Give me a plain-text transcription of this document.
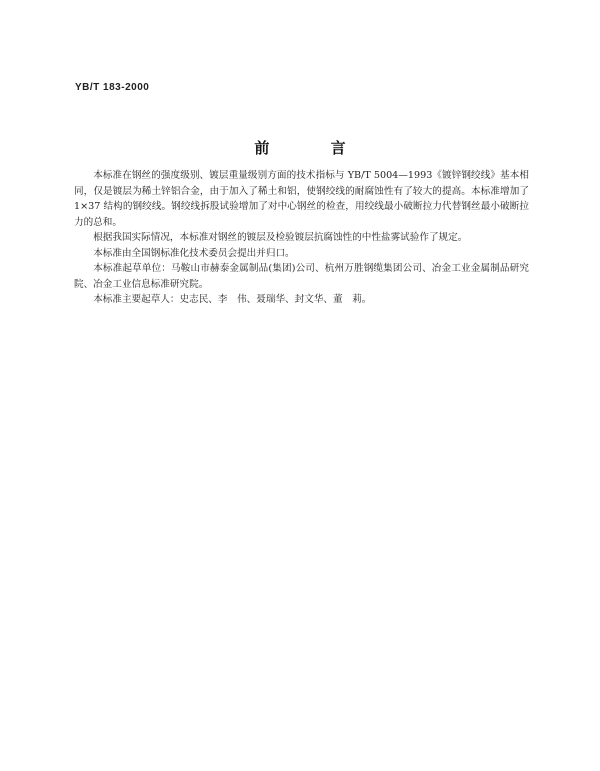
YB/T 183-2000
前 言

本标准在钢丝的强度级别、镀层重量级别方面的技术指标与 YB/T 5004—1993《镀锌钢绞线》基本相同，仅是镀层为稀土锌铝合金，由于加入了稀土和铝，使钢绞线的耐腐蚀性有了较大的提高。本标准增加了 1×37 结构的钢绞线。钢绞线拆股试验增加了对中心钢丝的检查，用绞线最小破断拉力代替钢丝最小破断拉力的总和。

根据我国实际情况，本标准对钢丝的镀层及检验镀层抗腐蚀性的中性盐雾试验作了规定。

本标准由全国钢标准化技术委员会提出并归口。

本标准起草单位：马鞍山市赫泰金属制品(集团)公司、杭州万胜钢缆集团公司、冶金工业金属制品研究院、冶金工业信息标准研究院。

本标准主要起草人：史志民、李　伟、聂瑞华、封文华、董　莉。
